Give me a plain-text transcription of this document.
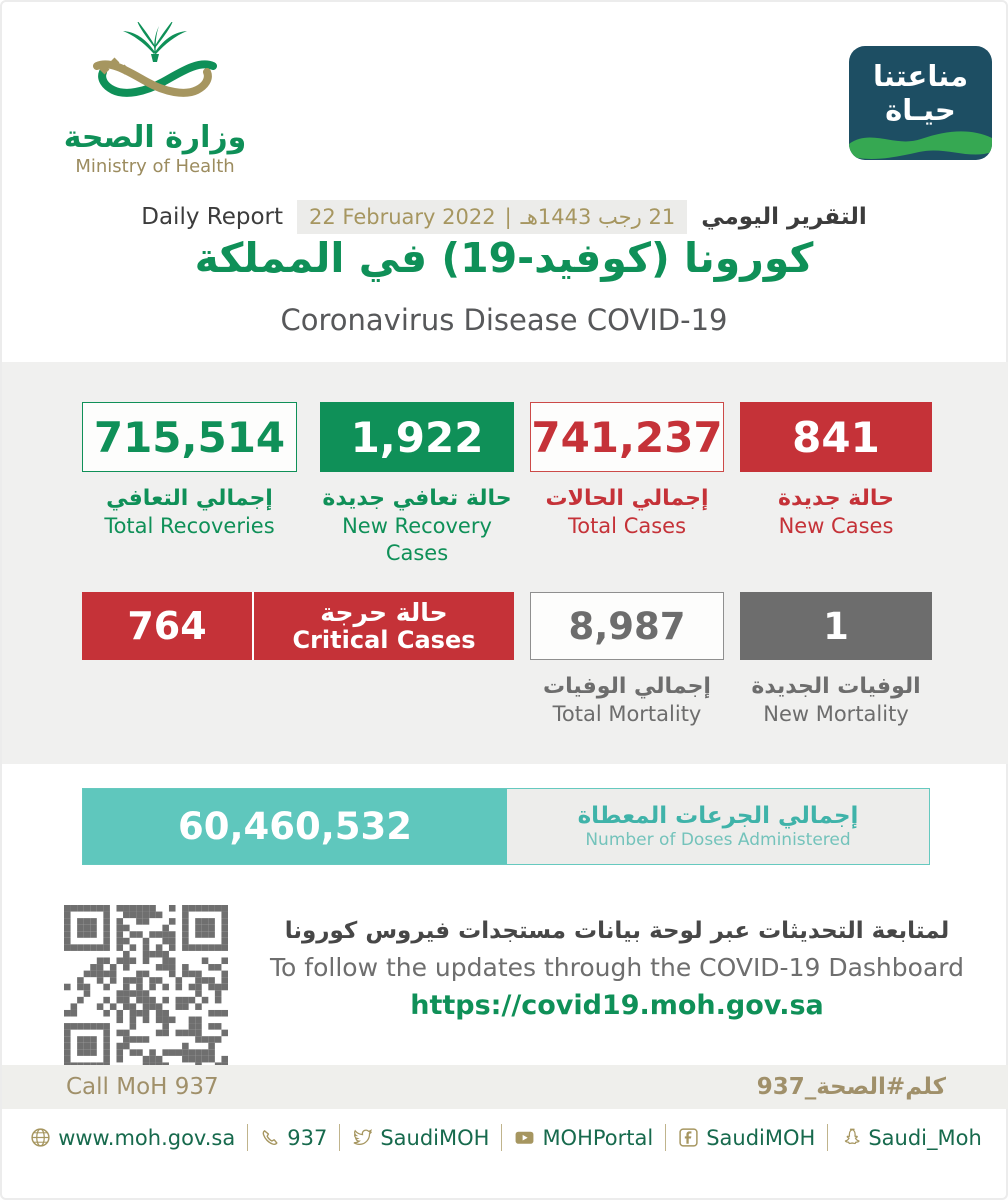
وزارة الصحة
Ministry of Health
مناعتنا
حيـاة
Daily Report 22 February 2022 | 21 رجب 1443هـ التقرير اليومي
كورونا (كوفيد-19) في المملكة
Coronavirus Disease COVID-19
715,514
إجمالي التعافي
Total Recoveries
1,922
حالة تعافي جديدة
New Recovery Cases
741,237
إجمالي الحالات
Total Cases
841
حالة جديدة
New Cases
764	حالة حرجة
Critical Cases	8,987
إجمالي الوفيات
Total Mortality
1
الوفيات الجديدة
New Mortality
60,460,532	إجمالي الجرعات المعطاة
Number of Doses Administered
لمتابعة التحديثات عبر لوحة بيانات مستجدات فيروس كورونا
To follow the updates through the COVID-19 Dashboard
https://covid19.moh.gov.sa
Call MoH 937	كلم#الصحة_937
www.moh.gov.sa 937	SaudiMOH	MOHPortal	SaudiMOH	Saudi_Moh
